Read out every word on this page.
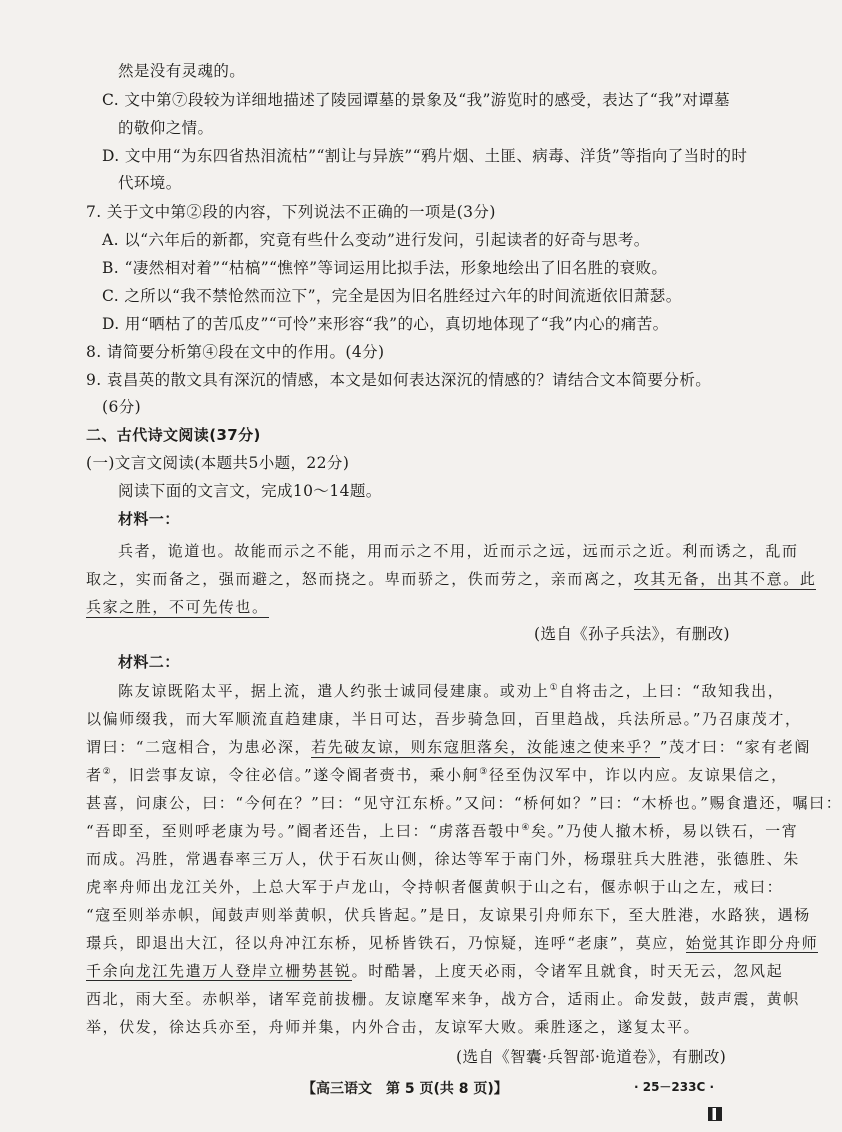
然是没有灵魂的。
C. 文中第⑦段较为详细地描述了陵园谭墓的景象及“我”游览时的感受，表达了“我”对谭墓
的敬仰之情。
D. 文中用“为东四省热泪流枯”“割让与异族”“鸦片烟、土匪、病毒、洋货”等指向了当时的时
代环境。
7. 关于文中第②段的内容，下列说法不正确的一项是(3分)
A. 以“六年后的新都，究竟有些什么变动”进行发问，引起读者的好奇与思考。
B. “凄然相对着”“枯槁”“憔悴”等词运用比拟手法，形象地绘出了旧名胜的衰败。
C. 之所以“我不禁怆然而泣下”，完全是因为旧名胜经过六年的时间流逝依旧萧瑟。
D. 用“晒枯了的苦瓜皮”“可怜”来形容“我”的心，真切地体现了“我”内心的痛苦。
8. 请简要分析第④段在文中的作用。(4分)
9. 袁昌英的散文具有深沉的情感，本文是如何表达深沉的情感的？请结合文本简要分析。
(6分)
二、古代诗文阅读(37分)
(一)文言文阅读(本题共5小题，22分)
阅读下面的文言文，完成10～14题。
材料一：
兵者，诡道也。故能而示之不能，用而示之不用，近而示之远，远而示之近。利而诱之，乱而
取之，实而备之，强而避之，怒而挠之。卑而骄之，佚而劳之，亲而离之，攻其无备，出其不意。此
兵家之胜，不可先传也。
(选自《孙子兵法》，有删改)
材料二：
陈友谅既陷太平，据上流，遣人约张士诚同侵建康。或劝上①自将击之，上曰：“敌知我出，
以偏师缀我，而大军顺流直趋建康，半日可达，吾步骑急回，百里趋战，兵法所忌。”乃召康茂才，
谓曰：“二寇相合，为患必深，若先破友谅，则东寇胆落矣，汝能速之使来乎？”茂才曰：“家有老阍
者②，旧尝事友谅，令往必信。”遂令阍者赍书，乘小舸③径至伪汉军中，诈以内应。友谅果信之，
甚喜，问康公，曰：“今何在？”曰：“见守江东桥。”又问：“桥何如？”曰：“木桥也。”赐食遣还，嘱曰：
“吾即至，至则呼老康为号。”阍者还告，上曰：“虏落吾彀中④矣。”乃使人撤木桥，易以铁石，一宵
而成。冯胜，常遇春率三万人，伏于石灰山侧，徐达等军于南门外，杨璟驻兵大胜港，张德胜、朱
虎率舟师出龙江关外，上总大军于卢龙山，令持帜者偃黄帜于山之右，偃赤帜于山之左，戒曰：
“寇至则举赤帜，闻鼓声则举黄帜，伏兵皆起。”是日，友谅果引舟师东下，至大胜港，水路狭，遇杨
璟兵，即退出大江，径以舟冲江东桥，见桥皆铁石，乃惊疑，连呼“老康”，莫应，始觉其诈即分舟师
千余向龙江先遣万人登岸立栅势甚锐。时酷暑，上度天必雨，令诸军且就食，时天无云，忽风起
西北，雨大至。赤帜举，诸军竞前拔栅。友谅麾军来争，战方合，适雨止。命发鼓，鼓声震，黄帜
举，伏发，徐达兵亦至，舟师并集，内外合击，友谅军大败。乘胜逐之，遂复太平。
(选自《智囊·兵智部·诡道卷》，有删改)
【高三语文　第 5 页(共 8 页)】	· 25－233C ·
